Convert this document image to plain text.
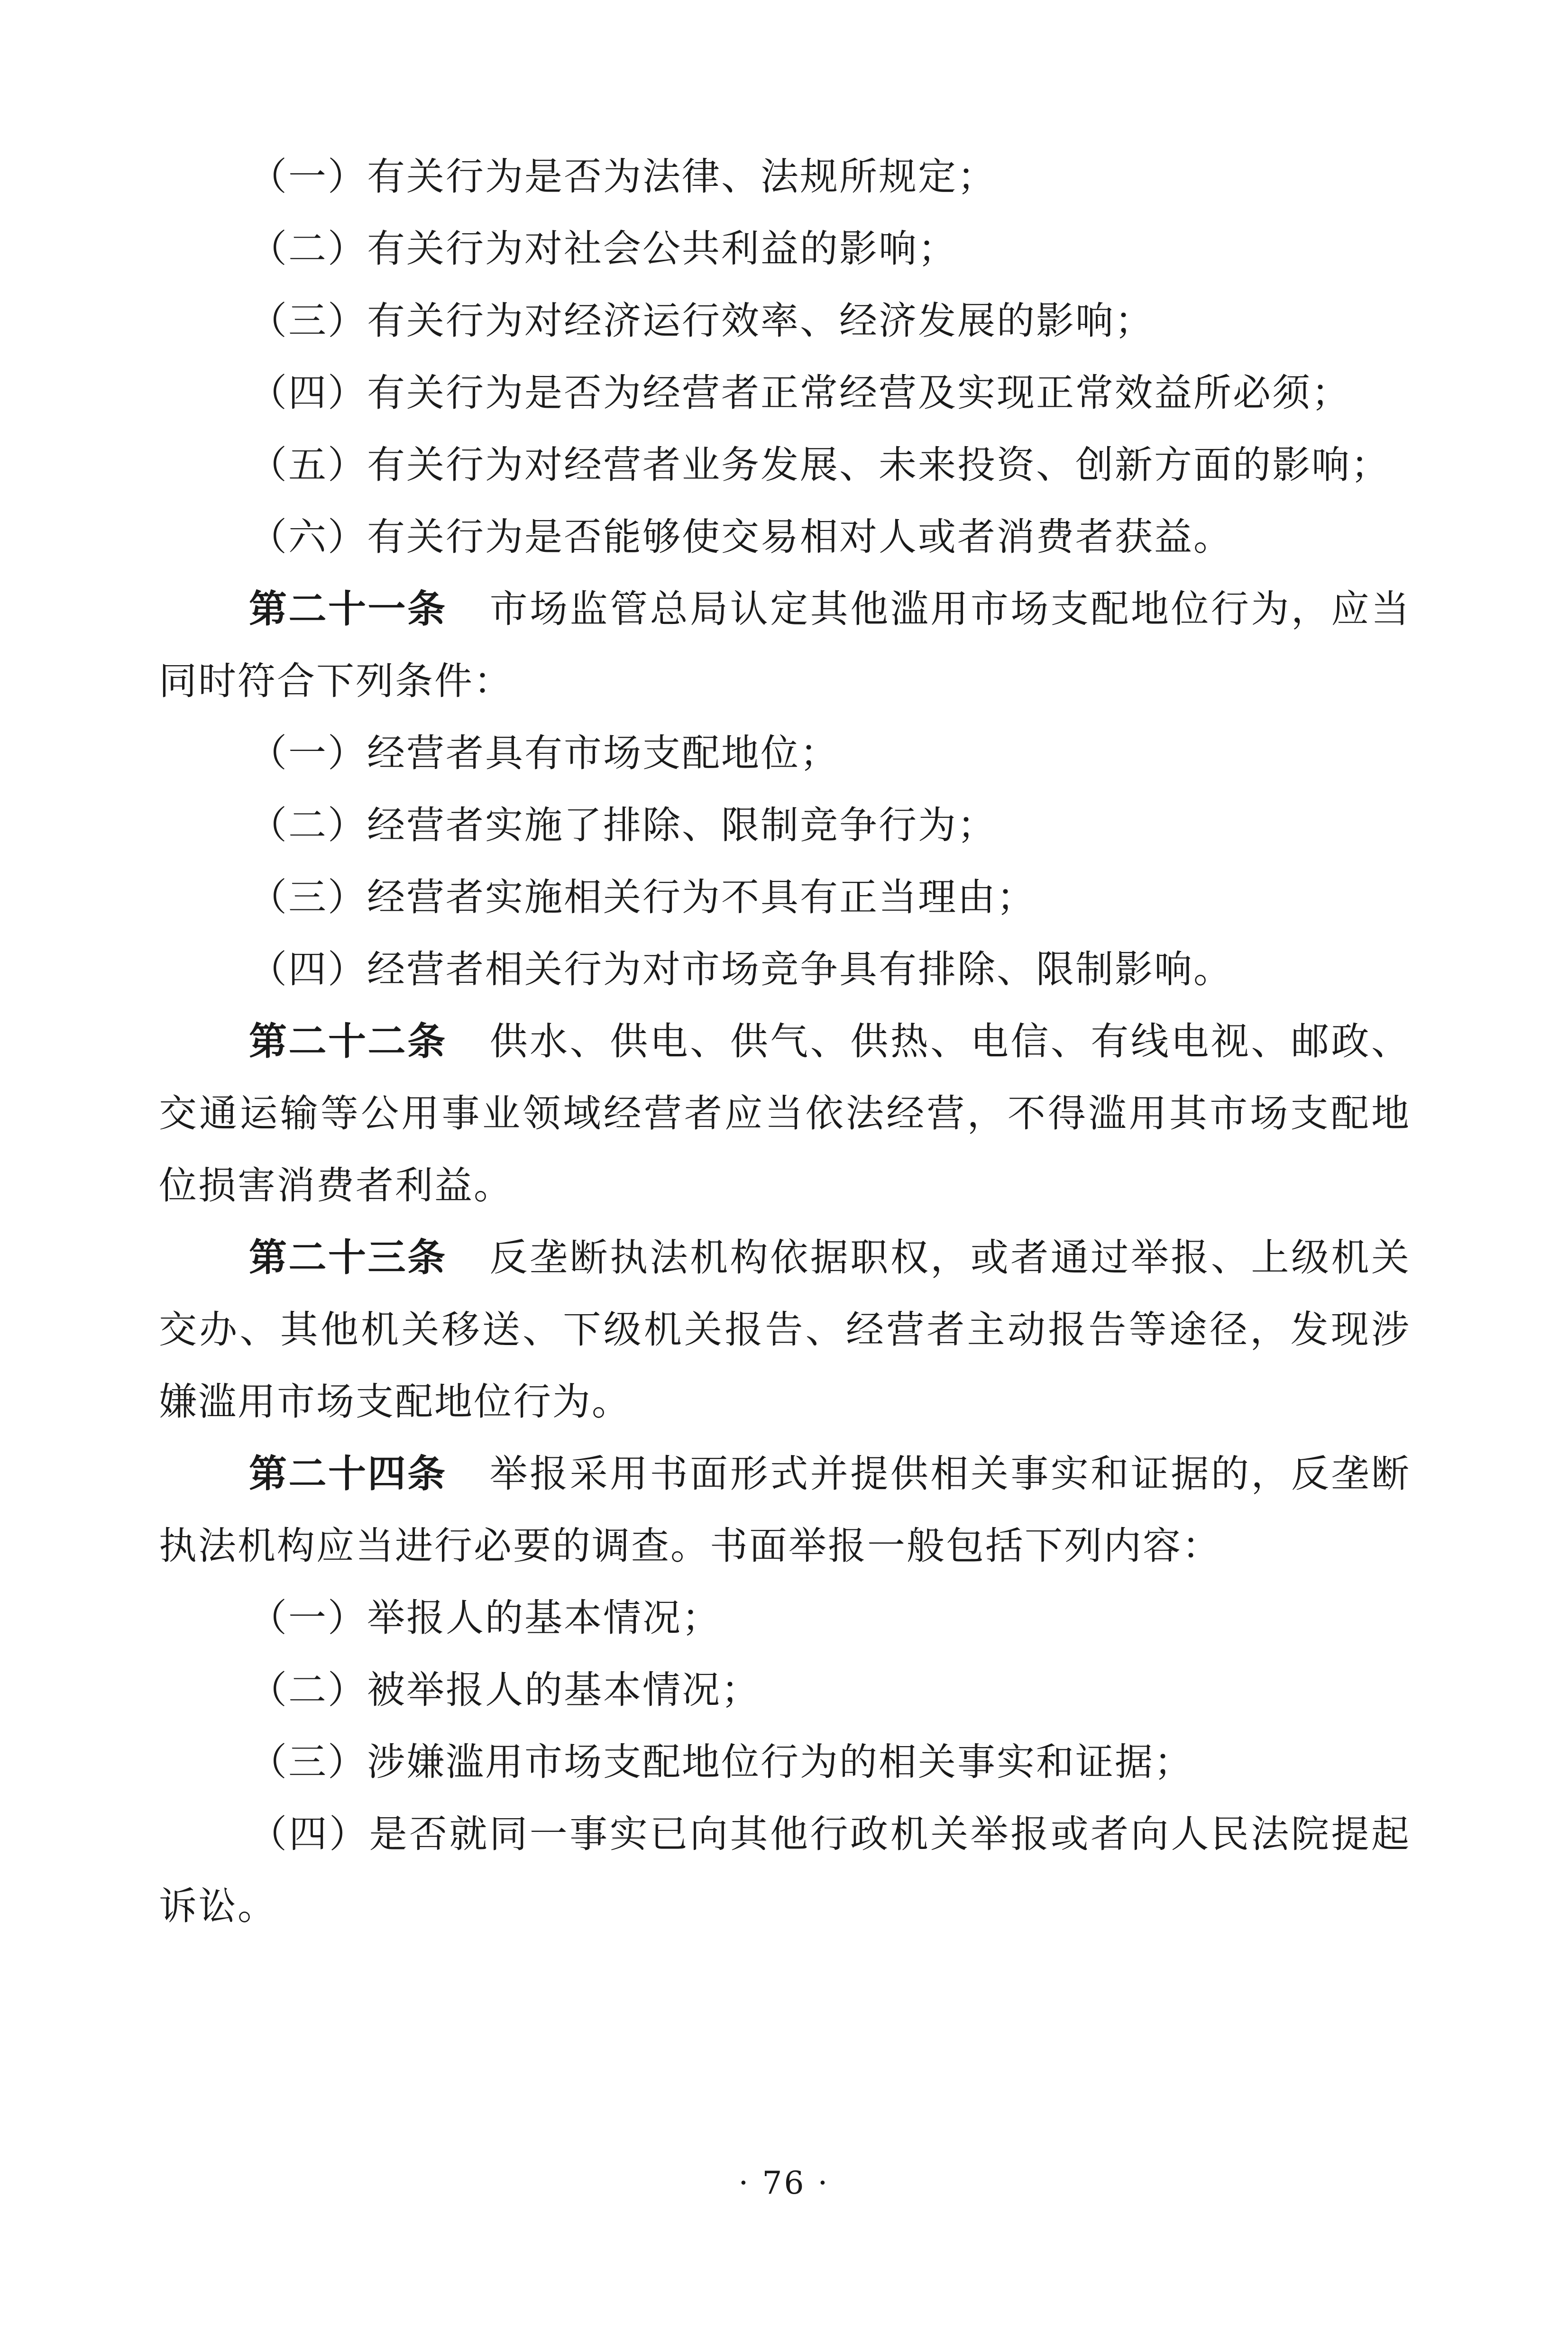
（一）有关行为是否为法律、法规所规定；

（二）有关行为对社会公共利益的影响；

（三）有关行为对经济运行效率、经济发展的影响；

（四）有关行为是否为经营者正常经营及实现正常效益所必须；

（五）有关行为对经营者业务发展、未来投资、创新方面的影响；

（六）有关行为是否能够使交易相对人或者消费者获益。

第二十一条 市场监管总局认定其他滥用市场支配地位行为，应当同时符合下列条件：

（一）经营者具有市场支配地位；

（二）经营者实施了排除、限制竞争行为；

（三）经营者实施相关行为不具有正当理由；

（四）经营者相关行为对市场竞争具有排除、限制影响。

第二十二条 供水、供电、供气、供热、电信、有线电视、邮政、交通运输等公用事业领域经营者应当依法经营，不得滥用其市场支配地位损害消费者利益。

第二十三条 反垄断执法机构依据职权，或者通过举报、上级机关交办、其他机关移送、下级机关报告、经营者主动报告等途径，发现涉嫌滥用市场支配地位行为。

第二十四条 举报采用书面形式并提供相关事实和证据的，反垄断执法机构应当进行必要的调查。书面举报一般包括下列内容：

（一）举报人的基本情况；

（二）被举报人的基本情况；

（三）涉嫌滥用市场支配地位行为的相关事实和证据；

（四）是否就同一事实已向其他行政机关举报或者向人民法院提起诉讼。

· 76 ·
